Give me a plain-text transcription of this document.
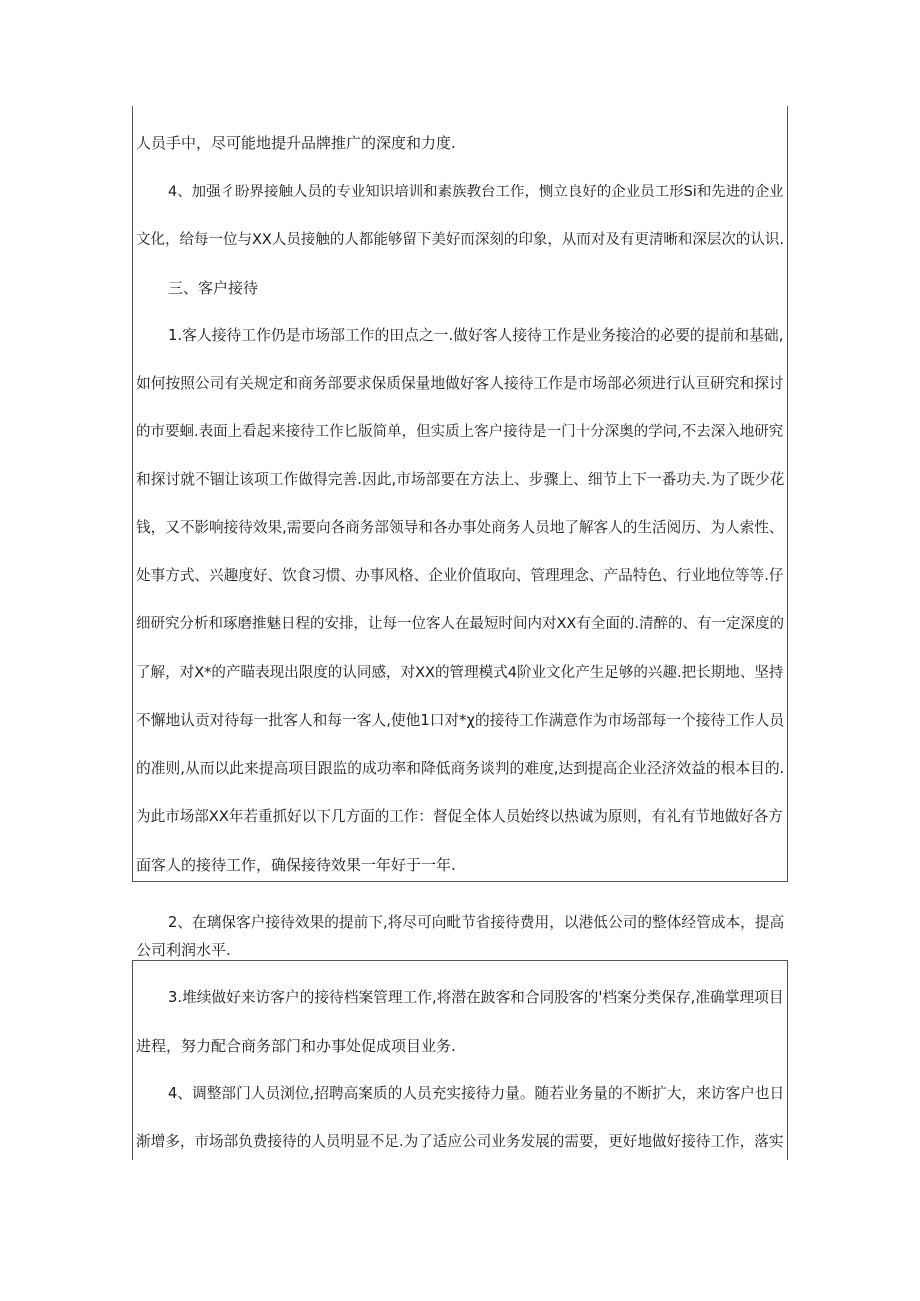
人员手中，尽可能地提升品牌推广的深度和力度.

4、加强彳盼界接触人员的专业知识培训和素族教台工作，恻立良好的企业员工形Si和先进的企业

文化，给每一位与XX人员接触的人都能够留下美好而深刻的印象，从而对及有更清晰和深层次的认识.

三、客户接待

1.客人接待工作仍是市场部工作的田点之一.做好客人接待工作是业务接洽的必要的提前和基础,

如何按照公司有关规定和商务部要求保质保量地做好客人接待工作是市场部必须进行认亘研究和探讨

的市要蛔.表面上看起来接待工作匕版简单，但实质上客户接待是一门十分深奥的学问,不去深入地研究

和探讨就不锢让该项工作做得完善.因此,市场部要在方法上、步骤上、细节上下一番功夫.为了既少花

钱，又不影响接待效果,需要向各商务部领导和各办事处商务人员地了解客人的生活阅历、为人索性、

处事方式、兴趣度好、饮食习惯、办事风格、企业价值取向、管理理念、产品特色、行业地位等等.仔

细研究分析和琢磨推魅日程的安排，让每一位客人在最短时间内对XX有全面的.清醉的、有一定深度的

了解，对X*的产瞄表现出限度的认同感，对XX的管理模式4阶业文化产生足够的兴趣.把长期地、坚持

不懈地认贡对待每一批客人和每一客人,使他1口对*χ的接待工作满意作为市场部每一个接待工作人员

的准则,从而以此来提高项目跟监的成功率和降低商务谈判的难度,达到提高企业泾济效益的根本目的.

为此市场部XX年若重抓好以下几方面的工作：督促全体人员始终以热诚为原则，有礼有节地做好各方

面客人的接待工作，确保接待效果一年好于一年.

2、在璃保客户接待效果的提前下,将尽可向毗节省接待费用，以港低公司的整体经管成本，提高

公司利润水平.

3.堆续做好来访客户的接待档案管理工作,将潜在跛客和合同股客的'档案分类保存,准确掌理项目

进程，努力配合商务部门和办事处促成项目业务.

4、调整部门人员浏位,招聘高案质的人员充实接待力量。随若业务量的不断扩大，来访客户也日

渐增多，市场部负费接待的人员明显不足.为了适应公司业务发展的需要，更好地做好接待工作，落实
